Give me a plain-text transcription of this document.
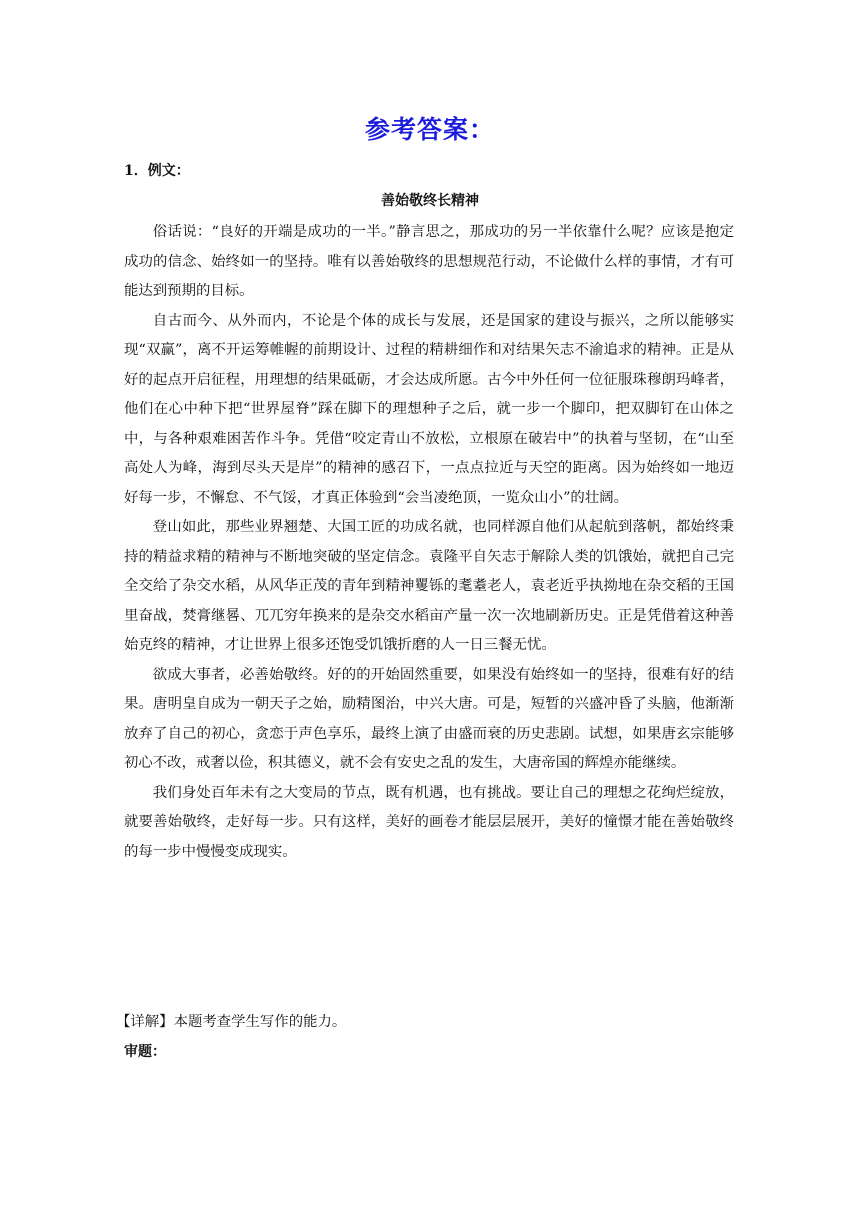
参考答案：
1．例文：
善始敬终长精神

俗话说：“良好的开端是成功的一半。”静言思之，那成功的另一半依靠什么呢？应该是抱定成功的信念、始终如一的坚持。唯有以善始敬终的思想规范行动，不论做什么样的事情，才有可能达到预期的目标。

自古而今、从外而内，不论是个体的成长与发展，还是国家的建设与振兴，之所以能够实现“双赢”，离不开运筹帷幄的前期设计、过程的精耕细作和对结果矢志不渝追求的精神。正是从好的起点开启征程，用理想的结果砥砺，才会达成所愿。古今中外任何一位征服珠穆朗玛峰者，他们在心中种下把“世界屋脊”踩在脚下的理想种子之后，就一步一个脚印，把双脚钉在山体之中，与各种艰难困苦作斗争。凭借“咬定青山不放松，立根原在破岩中”的执着与坚韧，在“山至高处人为峰，海到尽头天是岸”的精神的感召下，一点点拉近与天空的距离。因为始终如一地迈好每一步，不懈怠、不气馁，才真正体验到“会当凌绝顶，一览众山小”的壮阔。

登山如此，那些业界翘楚、大国工匠的功成名就，也同样源自他们从起航到落帆，都始终秉持的精益求精的精神与不断地突破的坚定信念。袁隆平自矢志于解除人类的饥饿始，就把自己完全交给了杂交水稻，从风华正茂的青年到精神矍铄的耄耋老人，袁老近乎执拗地在杂交稻的王国里奋战，焚膏继晷、兀兀穷年换来的是杂交水稻亩产量一次一次地刷新历史。正是凭借着这种善始克终的精神，才让世界上很多还饱受饥饿折磨的人一日三餐无忧。

欲成大事者，必善始敬终。好的的开始固然重要，如果没有始终如一的坚持，很难有好的结果。唐明皇自成为一朝天子之始，励精图治，中兴大唐。可是，短暂的兴盛冲昏了头脑，他渐渐放弃了自己的初心，贪恋于声色享乐，最终上演了由盛而衰的历史悲剧。试想，如果唐玄宗能够初心不改，戒奢以俭，积其德义，就不会有安史之乱的发生，大唐帝国的辉煌亦能继续。

我们身处百年未有之大变局的节点，既有机遇，也有挑战。要让自己的理想之花绚烂绽放，就要善始敬终，走好每一步。只有这样，美好的画卷才能层层展开，美好的憧憬才能在善始敬终的每一步中慢慢变成现实。

【详解】本题考查学生写作的能力。
审题：
